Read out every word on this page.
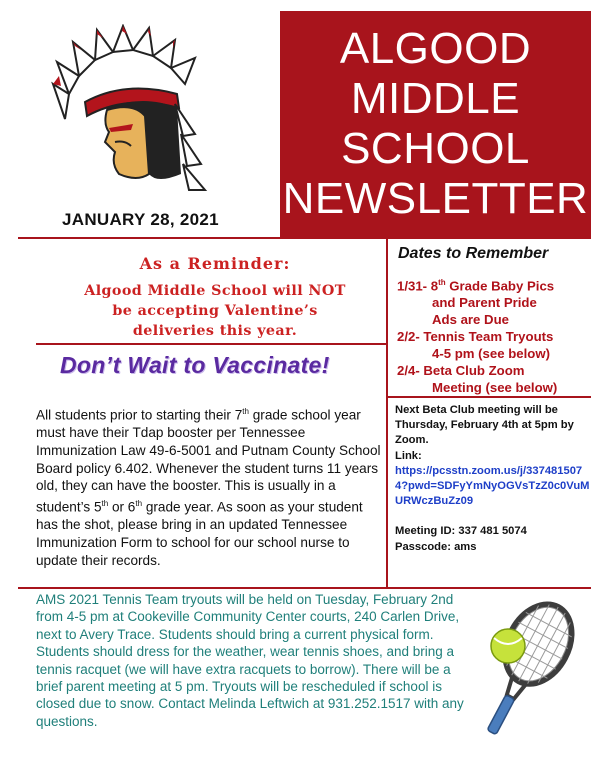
ALGOOD
MIDDLE
SCHOOL
NEWSLETTER
JANUARY 28, 2021
As a Reminder:
Algood Middle School will NOT
be accepting Valentine’s
deliveries this year.
Don’t Wait to Vaccinate!
All students prior to starting their 7th grade school year must have their Tdap booster per Tennessee Immunization Law 49-6-5001 and Putnam County School Board policy 6.402. Whenever the student turns 11 years old, they can have the booster. This is usually in a student’s 5th or 6th grade year. As soon as your student has the shot, please bring in an updated Tennessee Immunization Form to school for our school nurse to update their records.
Dates to Remember
1/31- 8th Grade Baby Pics
and Parent Pride
Ads are Due
2/2- Tennis Team Tryouts
4-5 pm (see below)
2/4- Beta Club Zoom
Meeting (see below)
Next Beta Club meeting will be Thursday, February 4th at 5pm by Zoom.
Link:
https://pcsstn.zoom.us/j/3374815074?pwd=SDFyYmNyOGVsTzZ0c0VuMURWczBuZz09
Meeting ID: 337 481 5074
Passcode: ams
AMS 2021 Tennis Team tryouts will be held on Tuesday, February 2nd from 4-5 pm at Cookeville Community Center courts, 240 Carlen Drive, next to Avery Trace. Students should bring a current physical form. Students should dress for the weather, wear tennis shoes, and bring a tennis racquet (we will have extra racquets to borrow). There will be a brief parent meeting at 5 pm. Tryouts will be rescheduled if school is closed due to snow. Contact Melinda Leftwich at 931.252.1517 with any questions.
